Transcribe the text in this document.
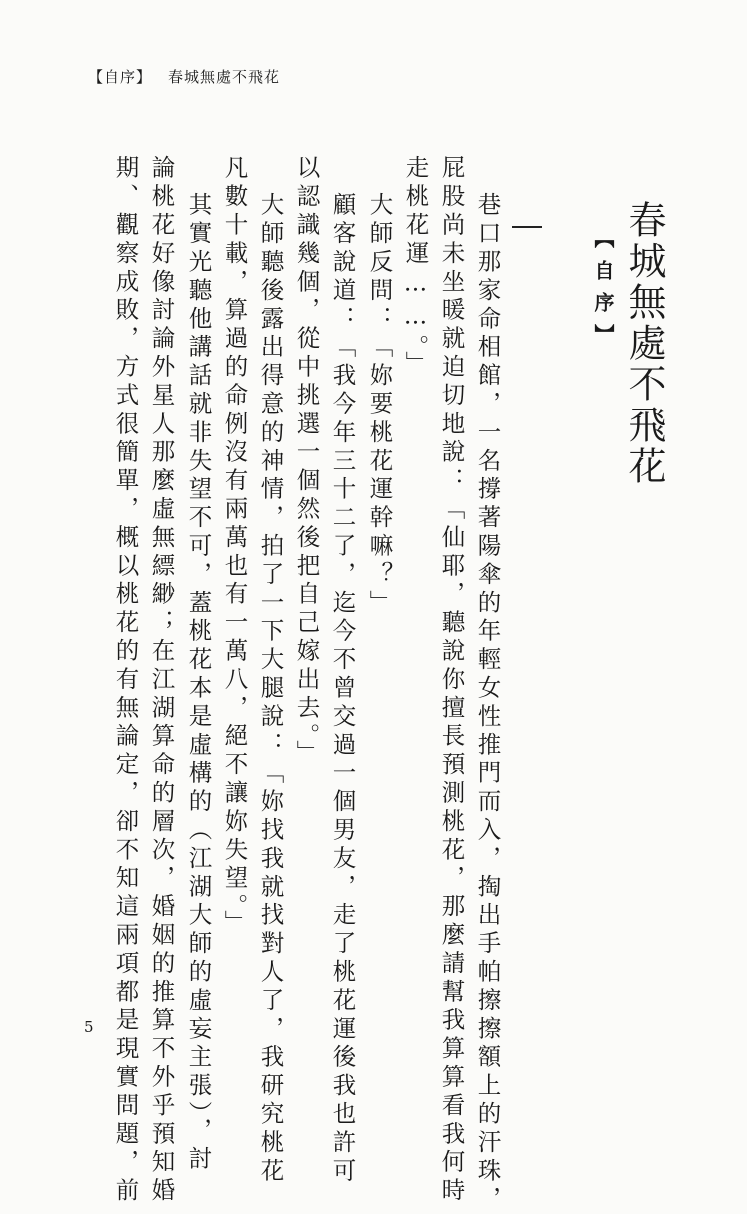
【自序】 春城無處不飛花
春城無處不飛花
【自序】
巷口那家命相館，一名撐著陽傘的年輕女性推門而入，掏出手帕擦擦額上的汗珠，
屁股尚未坐暖就迫切地說：「仙耶，聽說你擅長預測桃花，那麼請幫我算算看我何時
走桃花運……。」
大師反問：「妳要桃花運幹嘛？」
顧客說道：「我今年三十二了，迄今不曾交過一個男友，走了桃花運後我也許可
以認識幾個，從中挑選一個然後把自己嫁出去。」
大師聽後露出得意的神情，拍了一下大腿說：「妳找我就找對人了，我研究桃花
凡數十載，算過的命例沒有兩萬也有一萬八，絕不讓妳失望。」
其實光聽他講話就非失望不可，蓋桃花本是虛構的（江湖大師的虛妄主張），討
論桃花好像討論外星人那麼虛無縹緲；在江湖算命的層次，婚姻的推算不外乎預知婚
期、觀察成敗，方式很簡單，概以桃花的有無論定，卻不知這兩項都是現實問題，前
5
